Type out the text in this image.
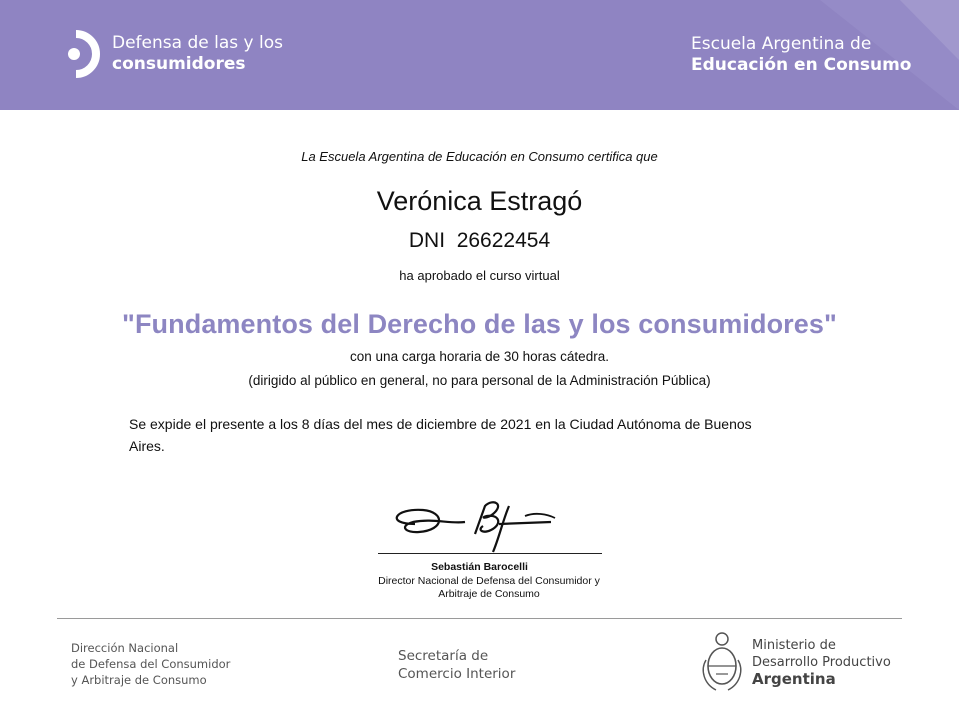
Defensa de las y los
consumidores
Escuela Argentina de
Educación en Consumo
La Escuela Argentina de Educación en Consumo certifica que
Verónica Estragó
DNI 26622454
ha aprobado el curso virtual
"Fundamentos del Derecho de las y los consumidores"
con una carga horaria de 30 horas cátedra.
(dirigido al público en general, no para personal de la Administración Pública)
Se expide el presente a los 8 días del mes de diciembre de 2021 en la Ciudad Autónoma de Buenos Aires.
Sebastián Barocelli
Director Nacional de Defensa del Consumidor y Arbitraje de Consumo
Dirección Nacional
de Defensa del Consumidor
y Arbitraje de Consumo
Secretaría de
Comercio Interior
Ministerio de
Desarrollo Productivo
Argentina
